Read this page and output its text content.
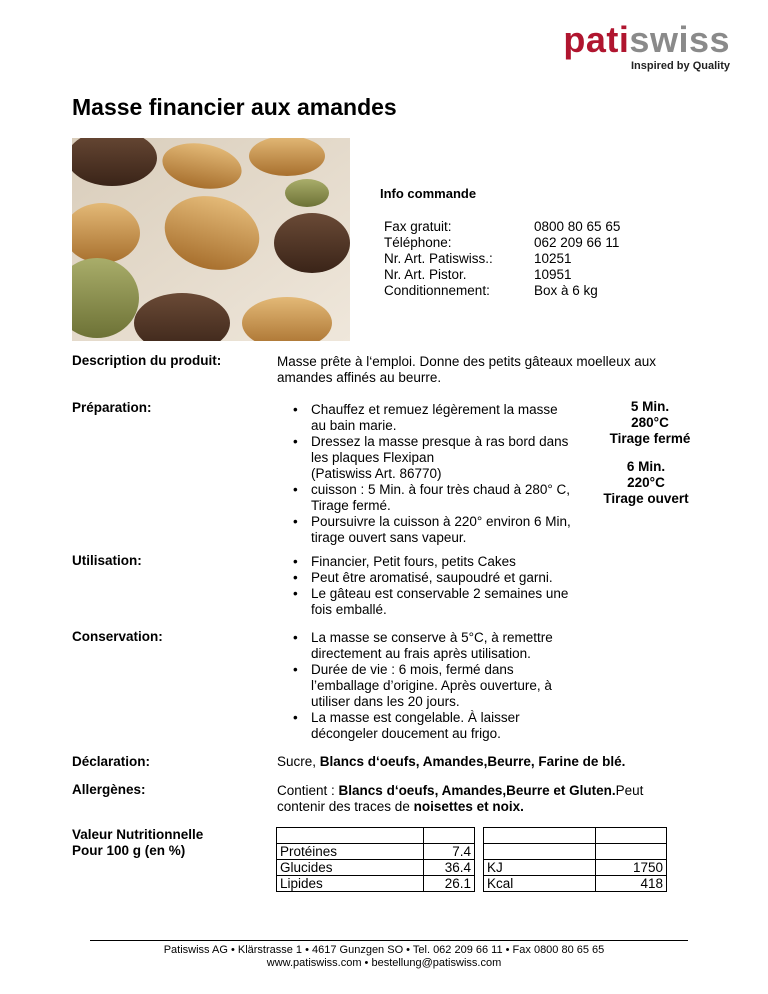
patiswiss
Inspired by Quality
Masse financier aux amandes
Info commande
Fax gratuit:	0800 80 65 65
Téléphone:	062 209 66 11
Nr. Art. Patiswiss.:	10251
Nr. Art. Pistor.	10951
Conditionnement:	Box à 6 kg
Description du produit:	Masse prête à l‘emploi. Donne des petits gâteaux moelleux aux
amandes affinés au beurre.
Préparation:	• Chauffez et remuez légèrement la masse
au bain marie.
• Dressez la masse presque à ras bord dans
les plaques Flexipan
(Patiswiss Art. 86770)
• cuisson : 5 Min. à four très chaud à 280° C,
Tirage fermé.
• Poursuivre la cuisson à 220° environ 6 Min,
tirage ouvert sans vapeur.
5 Min.
280°C
Tirage fermé
6 Min.
220°C
Tirage ouvert
Utilisation:	• Financier, Petit fours, petits Cakes
• Peut être aromatisé, saupoudré et garni.
• Le gâteau est conservable 2 semaines une
fois emballé.
Conservation:	• La masse se conserve à 5°C, à remettre
directement au frais après utilisation.
• Durée de vie : 6 mois, fermé dans
l’emballage d’origine. Après ouverture, à
utiliser dans les 20 jours.
• La masse est congelable. À laisser
décongeler doucement au frigo.
Déclaration:	Sucre, Blancs d‘oeufs, Amandes,Beurre, Farine de blé.
Allergènes:	Contient : Blancs d‘oeufs, Amandes,Beurre et Gluten.Peut
contenir des traces de noisettes et noix.
Valeur Nutritionnelle
Pour 100 g (en %)
		Protéines	7.4
Glucides	36.4
Lipides	26.1

KJ	1750
Kcal	418
Patiswiss AG • Klärstrasse 1 • 4617 Gunzgen SO • Tel. 062 209 66 11 • Fax 0800 80 65 65
www.patiswiss.com • bestellung@patiswiss.com
